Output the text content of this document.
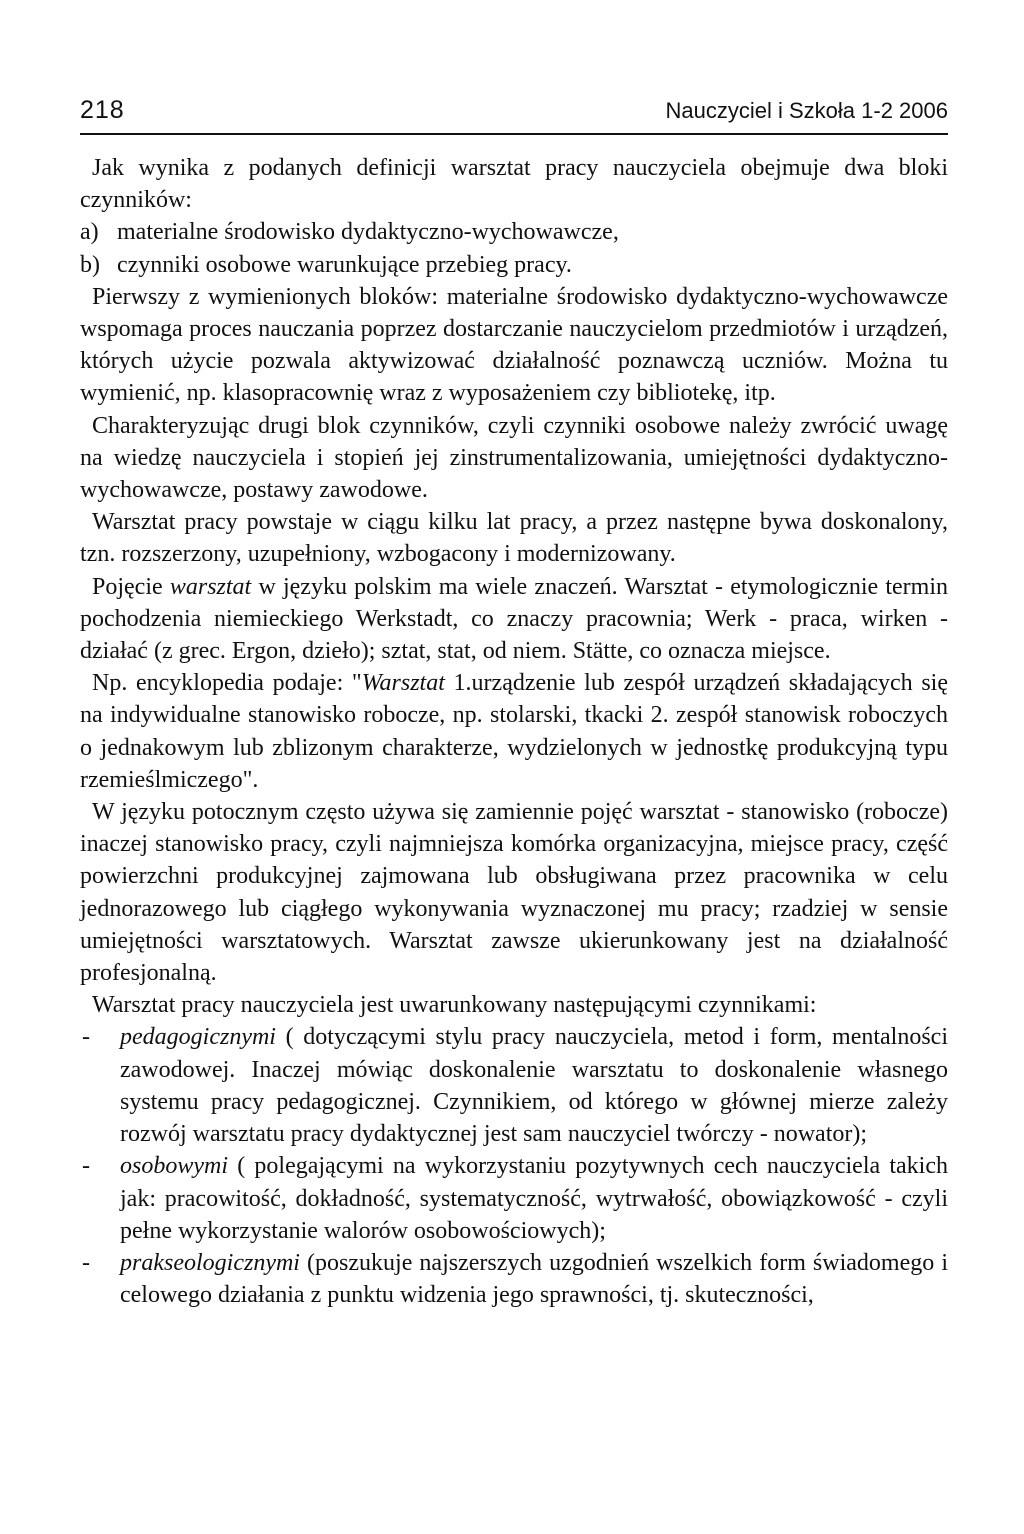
218	Nauczyciel i Szkoła 1-2 2006

Jak wynika z podanych definicji warsztat pracy nauczyciela obejmuje dwa bloki czynników:

a) materialne środowisko dydaktyczno-wychowawcze,
b) czynniki osobowe warunkujące przebieg pracy.

Pierwszy z wymienionych bloków: materialne środowisko dydaktyczno-wychowawcze wspomaga proces nauczania poprzez dostarczanie nauczycielom przedmiotów i urządzeń, których użycie pozwala aktywizować działalność poznawczą uczniów. Można tu wymienić, np. klasopracownię wraz z wyposażeniem czy bibliotekę, itp.

Charakteryzując drugi blok czynników, czyli czynniki osobowe należy zwrócić uwagę na wiedzę nauczyciela i stopień jej zinstrumentalizowania, umiejętności dydaktyczno-wychowawcze, postawy zawodowe.

Warsztat pracy powstaje w ciągu kilku lat pracy, a przez następne bywa doskonalony, tzn. rozszerzony, uzupełniony, wzbogacony i modernizowany.

Pojęcie warsztat w języku polskim ma wiele znaczeń. Warsztat - etymologicznie termin pochodzenia niemieckiego Werkstadt, co znaczy pracownia; Werk - praca, wirken - działać (z grec. Ergon, dzieło); sztat, stat, od niem. Stätte, co oznacza miejsce.

Np. encyklopedia podaje: "Warsztat 1.urządzenie lub zespół urządzeń składających się na indywidualne stanowisko robocze, np. stolarski, tkacki 2. zespół stanowisk roboczych o jednakowym lub zblizonym charakterze, wydzielonych w jednostkę produkcyjną typu rzemieślmiczego".

W języku potocznym często używa się zamiennie pojęć warsztat - stanowisko (robocze) inaczej stanowisko pracy, czyli najmniejsza komórka organizacyjna, miejsce pracy, część powierzchni produkcyjnej zajmowana lub obsługiwana przez pracownika w celu jednorazowego lub ciągłego wykonywania wyznaczonej mu pracy; rzadziej w sensie umiejętności warsztatowych. Warsztat zawsze ukierunkowany jest na działalność profesjonalną.

Warsztat pracy nauczyciela jest uwarunkowany następującymi czynnikami:

-	pedagogicznymi ( dotyczącymi stylu pracy nauczyciela, metod i form, mentalności zawodowej. Inaczej mówiąc doskonalenie warsztatu to doskonalenie własnego systemu pracy pedagogicznej. Czynnikiem, od którego w głównej mierze zależy rozwój warsztatu pracy dydaktycznej jest sam nauczyciel twórczy - nowator);
-	osobowymi ( polegającymi na wykorzystaniu pozytywnych cech nauczyciela takich jak: pracowitość, dokładność, systematyczność, wytrwałość, obowiązkowość - czyli pełne wykorzystanie walorów osobowościowych);
-	prakseologicznymi (poszukuje najszerszych uzgodnień wszelkich form świadomego i celowego działania z punktu widzenia jego sprawności, tj. skuteczności,
